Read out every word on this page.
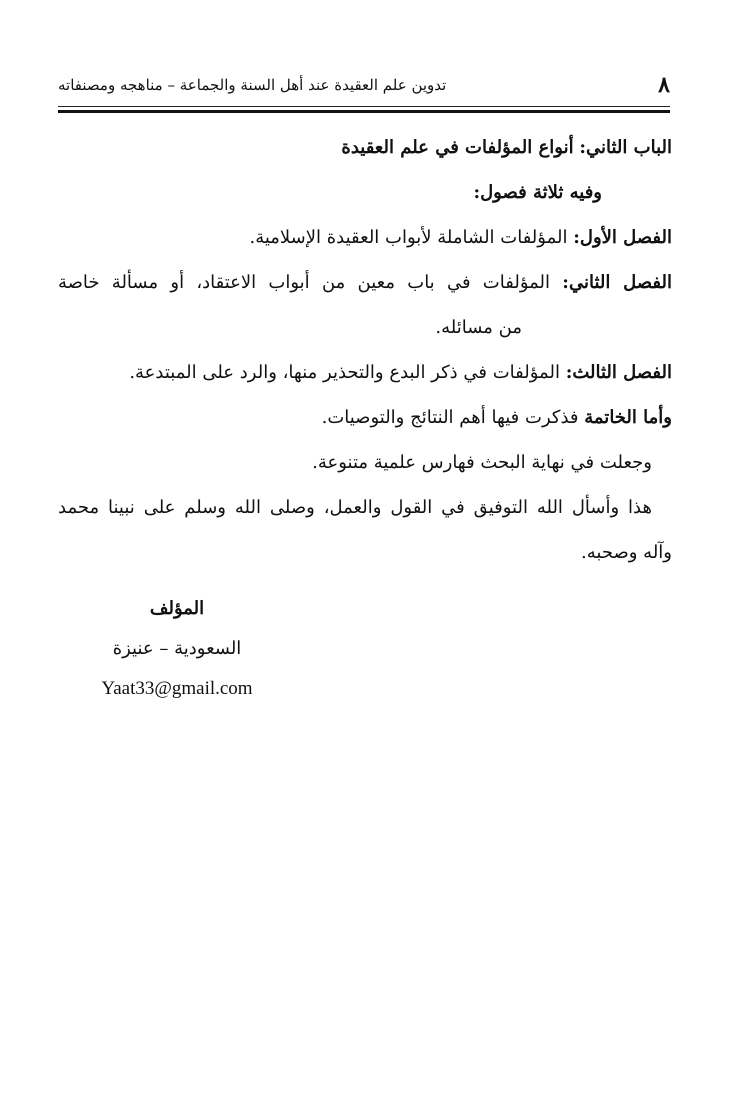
٨
تدوين علم العقيدة عند أهل السنة والجماعة – مناهجه ومصنفاته
الباب الثاني: أنواع المؤلفات في علم العقيدة
وفيه ثلاثة فصول:
الفصل الأول: المؤلفات الشاملة لأبواب العقيدة الإسلامية.
الفصل الثاني: المؤلفات في باب معين من أبواب الاعتقاد، أو مسألة خاصة
من مسائله.
الفصل الثالث: المؤلفات في ذكر البدع والتحذير منها، والرد على المبتدعة.
وأما الخاتمة فذكرت فيها أهم النتائج والتوصيات.
وجعلت في نهاية البحث فهارس علمية متنوعة.
هذا وأسأل الله التوفيق في القول والعمل، وصلى الله وسلم على نبينا محمد
وآله وصحبه.
المؤلف
السعودية – عنيزة
Yaat33@gmail.com
